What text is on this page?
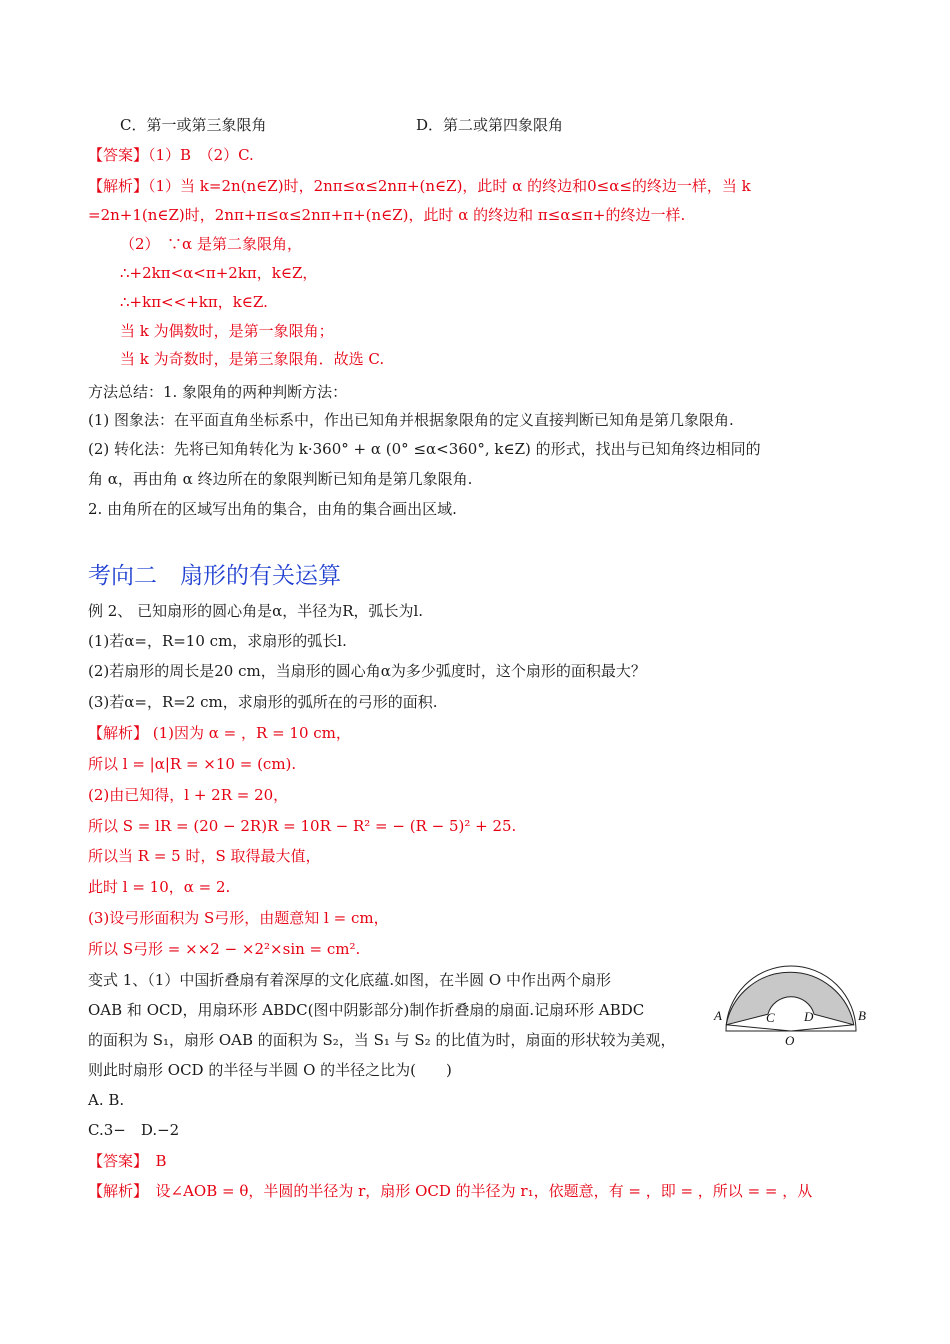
C．第一或第三象限角	D．第二或第四象限角
【答案】（1）B　（2）C.
【解析】（1）当 k=2n(n∈Z)时，2nπ≤α≤2nπ+(n∈Z)，此时 α 的终边和0≤α≤的终边一样，当 k
=2n+1(n∈Z)时，2nπ+π≤α≤2nπ+π+(n∈Z)，此时 α 的终边和 π≤α≤π+的终边一样.
（2）　∵α 是第二象限角，
∴+2kπ<α<π+2kπ，k∈Z，
∴+kπ<<+kπ，k∈Z.
当 k 为偶数时，是第一象限角；
当 k 为奇数时，是第三象限角．故选 C.
方法总结：1. 象限角的两种判断方法：
(1) 图象法：在平面直角坐标系中，作出已知角并根据象限角的定义直接判断已知角是第几象限角.
(2) 转化法：先将已知角转化为 k·360° + α (0° ≤α<360°, k∈Z) 的形式，找出与已知角终边相同的
角 α，再由角 α 终边所在的象限判断已知角是第几象限角.
2. 由角所在的区域写出角的集合，由角的集合画出区域.
考向二　扇形的有关运算
例 2、 已知扇形的圆心角是α，半径为R，弧长为l.
(1)若α=，R=10 cm，求扇形的弧长l.
(2)若扇形的周长是20 cm，当扇形的圆心角α为多少弧度时，这个扇形的面积最大？
(3)若α=，R=2 cm，求扇形的弧所在的弓形的面积.
【解析】 (1)因为 α = ，R = 10 cm，
所以 l = |α|R = ×10 = (cm).
(2)由已知得，l + 2R = 20，
所以 S = lR = (20 − 2R)R = 10R − R² = − (R − 5)² + 25.
所以当 R = 5 时，S 取得最大值，
此时 l = 10，α = 2.
(3)设弓形面积为 S弓形，由题意知 l = cm，
所以 S弓形 = ××2 − ×2²×sin = cm².
变式 1、（1）中国折叠扇有着深厚的文化底蕴.如图，在半圆 O 中作出两个扇形
OAB 和 OCD，用扇环形 ABDC(图中阴影部分)制作折叠扇的扇面.记扇环形 ABDC
的面积为 S₁，扇形 OAB 的面积为 S₂，当 S₁ 与 S₂ 的比值为时，扇面的形状较为美观，
则此时扇形 OCD 的半径与半圆 O 的半径之比为(　　)
A. B.
C.3−　D.−2
【答案】　B
【解析】　设∠AOB = θ，半圆的半径为 r，扇形 OCD 的半径为 r₁，依题意，有 = ，即 = ，所以 = = ，从
A	B
C D
O
